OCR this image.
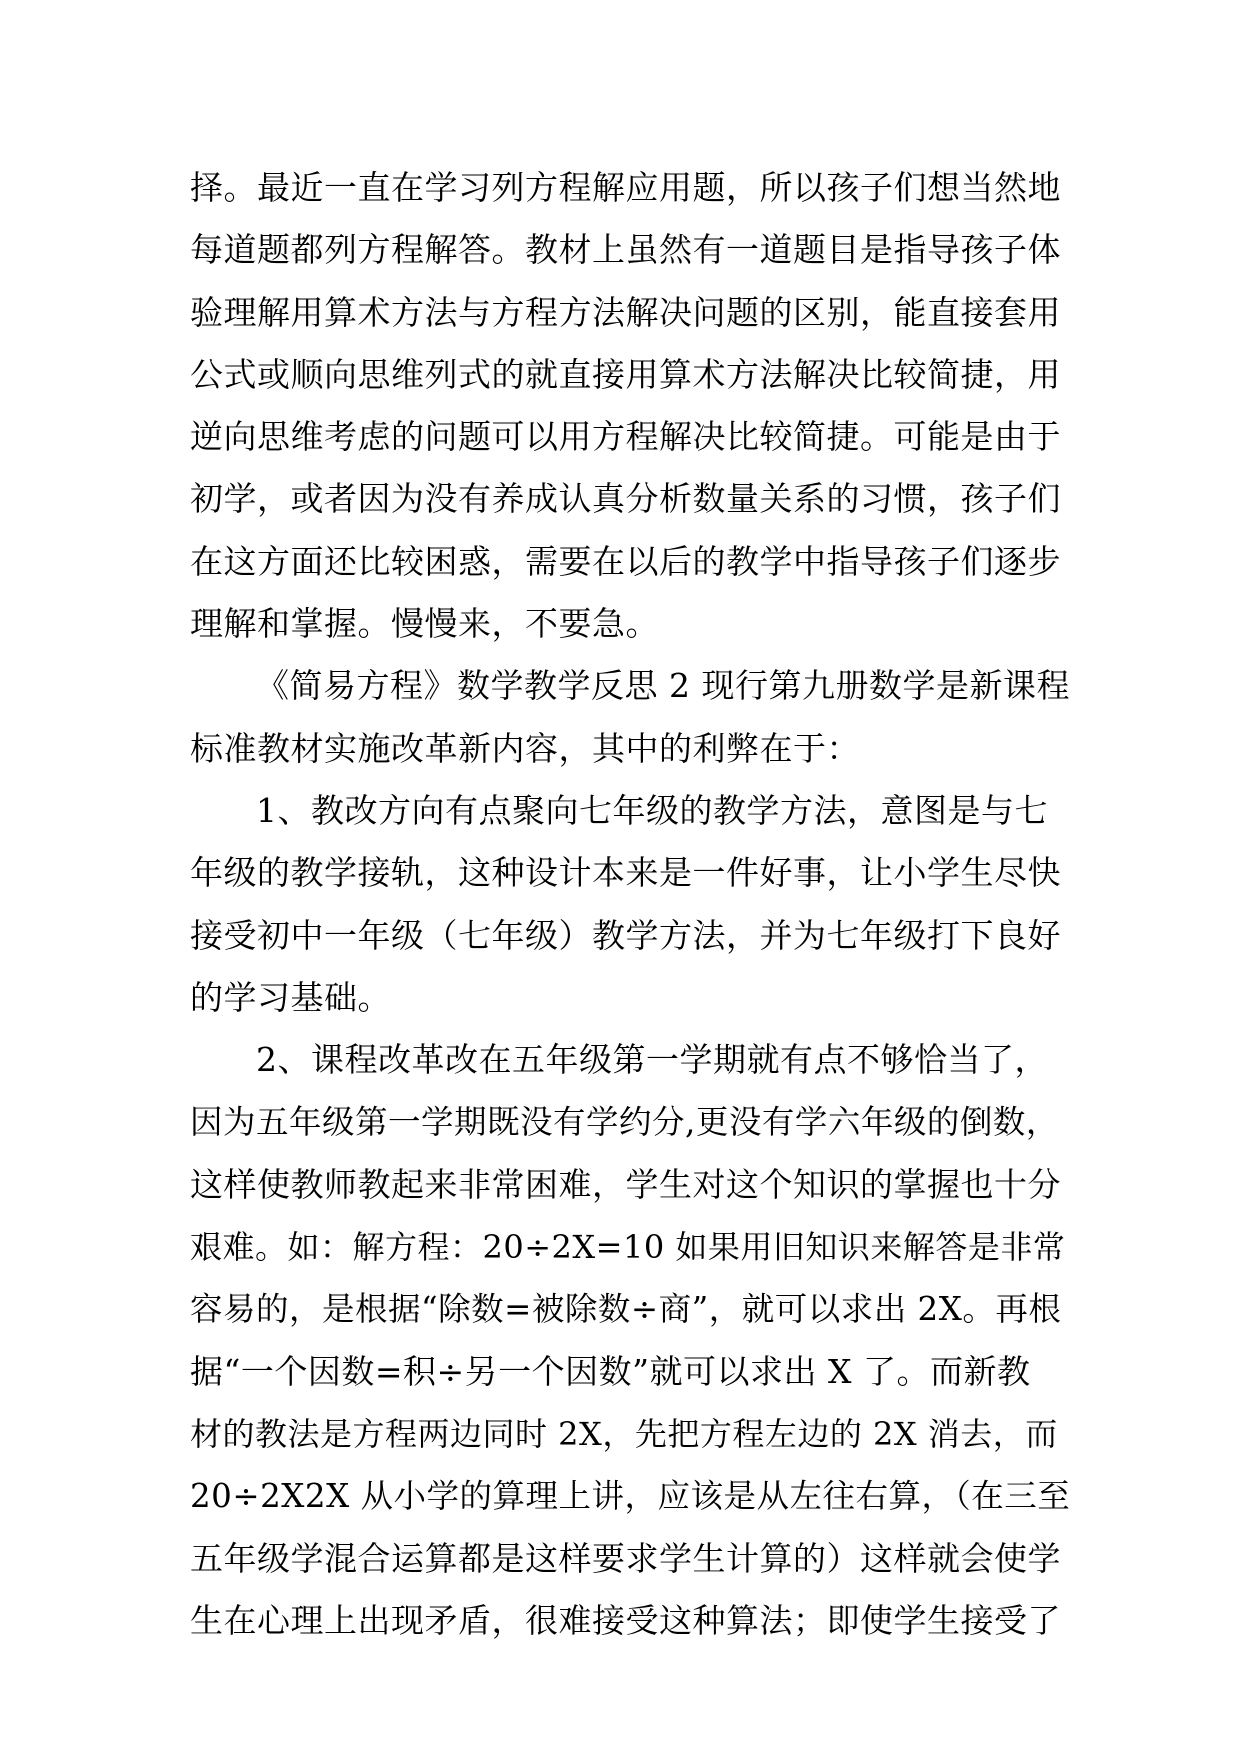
择。最近一直在学习列方程解应用题，所以孩子们想当然地
每道题都列方程解答。教材上虽然有一道题目是指导孩子体
验理解用算术方法与方程方法解决问题的区别，能直接套用
公式或顺向思维列式的就直接用算术方法解决比较简捷，用
逆向思维考虑的问题可以用方程解决比较简捷。可能是由于
初学，或者因为没有养成认真分析数量关系的习惯，孩子们
在这方面还比较困惑，需要在以后的教学中指导孩子们逐步
理解和掌握。慢慢来，不要急。
《简易方程》数学教学反思 2 现行第九册数学是新课程
标准教材实施改革新内容，其中的利弊在于：
1、教改方向有点聚向七年级的教学方法，意图是与七
年级的教学接轨，这种设计本来是一件好事，让小学生尽快
接受初中一年级（七年级）教学方法，并为七年级打下良好
的学习基础。
2、课程改革改在五年级第一学期就有点不够恰当了，
因为五年级第一学期既没有学约分,更没有学六年级的倒数，
这样使教师教起来非常困难，学生对这个知识的掌握也十分
艰难。如：解方程：20÷2X=10 如果用旧知识来解答是非常
容易的，是根据“除数=被除数÷商”，就可以求出 2X。再根
据“一个因数=积÷另一个因数”就可以求出 X 了。而新教
材的教法是方程两边同时 2X，先把方程左边的 2X 消去，而
20÷2X2X 从小学的算理上讲，应该是从左往右算，（在三至
五年级学混合运算都是这样要求学生计算的）这样就会使学
生在心理上出现矛盾，很难接受这种算法；即使学生接受了
